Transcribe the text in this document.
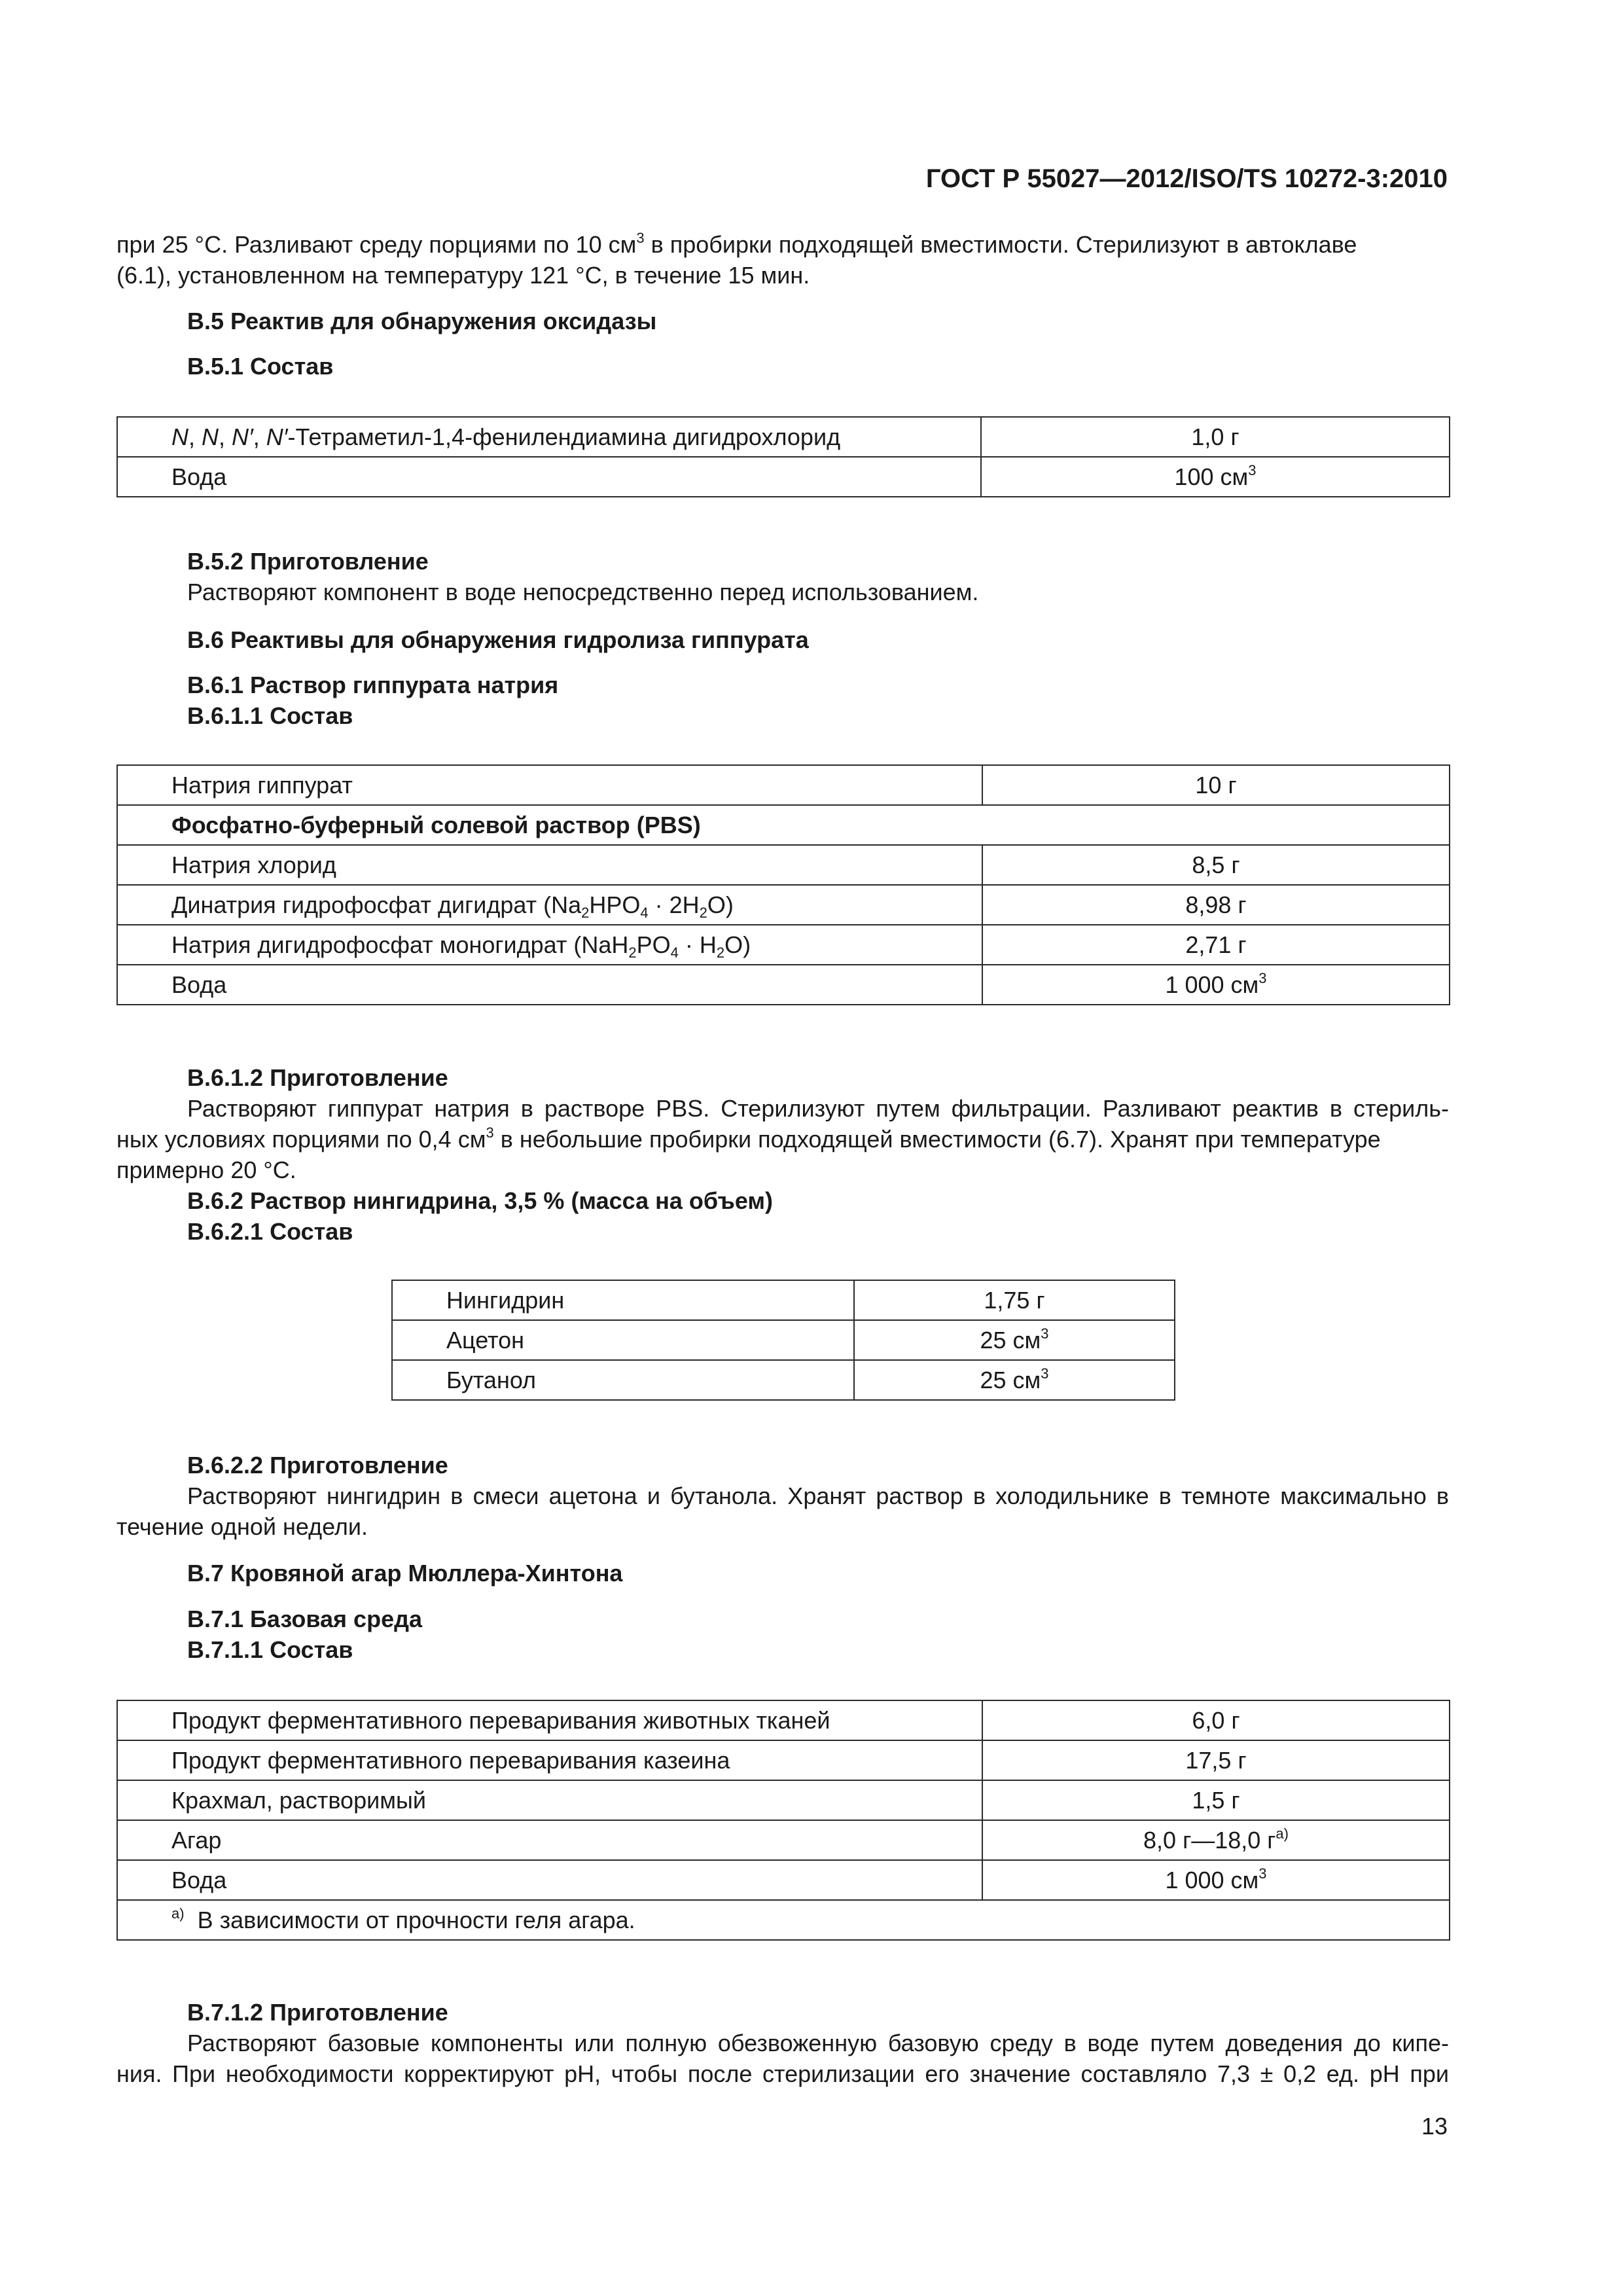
ГОСТ Р 55027—2012/ISO/TS 10272-3:2010
при 25 °С. Разливают среду порциями по 10 $см^3$ в пробирки подходящей вместимости. Стерилизуют в автоклаве
(6.1), установленном на температуру 121 °С, в течение 15 мин.
В.5 Реактив для обнаружения оксидазы
В.5.1 Состав
N, N, N′, N′-Тетраметил-1,4-фенилендиамина дигидрохлорид	1,0 г
Вода	100 $см^3$
В.5.2 Приготовление
Растворяют компонент в воде непосредственно перед использованием.
В.6 Реактивы для обнаружения гидролиза гиппурата
В.6.1 Раствор гиппурата натрия
В.6.1.1 Состав
Натрия гиппурат	10 г
Фосфатно-буферный солевой раствор (PBS)	
Натрия хлорид	8,5 г
Динатрия гидрофосфат дигидрат $(Na_2HPO_4 \cdot 2H_2O)$	8,98 г
Натрия дигидрофосфат моногидрат $(NaH_2PO_4 \cdot H_2O)$	2,71 г
Вода	1 000 $см^3$
В.6.1.2 Приготовление
Растворяют гиппурат натрия в растворе PBS. Стерилизуют путем фильтрации. Разливают реактив в стериль-
ных условиях порциями по 0,4 $см^3$ в небольшие пробирки подходящей вместимости (6.7). Хранят при температуре
примерно 20 °С.
В.6.2 Раствор нингидрина, 3,5 % (масса на объем)
В.6.2.1 Состав
Нингидрин	1,75 г
Ацетон	25 $см^3$
Бутанол	25 $см^3$
В.6.2.2 Приготовление
Растворяют нингидрин в смеси ацетона и бутанола. Хранят раствор в холодильнике в темноте максимально в
течение одной недели.
В.7 Кровяной агар Мюллера-Хинтона
В.7.1 Базовая среда
В.7.1.1 Состав
Продукт ферментативного переваривания животных тканей	6,0 г
Продукт ферментативного переваривания казеина	17,5 г
Крахмал, растворимый	1,5 г
Агар	8,0 г—18,0 $г^{а)}$
Вода	1 000 $см^3$
$^{а)}$ В зависимости от прочности геля агара.	
В.7.1.2 Приготовление
Растворяют базовые компоненты или полную обезвоженную базовую среду в воде путем доведения до кипе-
ния. При необходимости корректируют рН, чтобы после стерилизации его значение составляло 7,3 ± 0,2 ед. рН при
13
